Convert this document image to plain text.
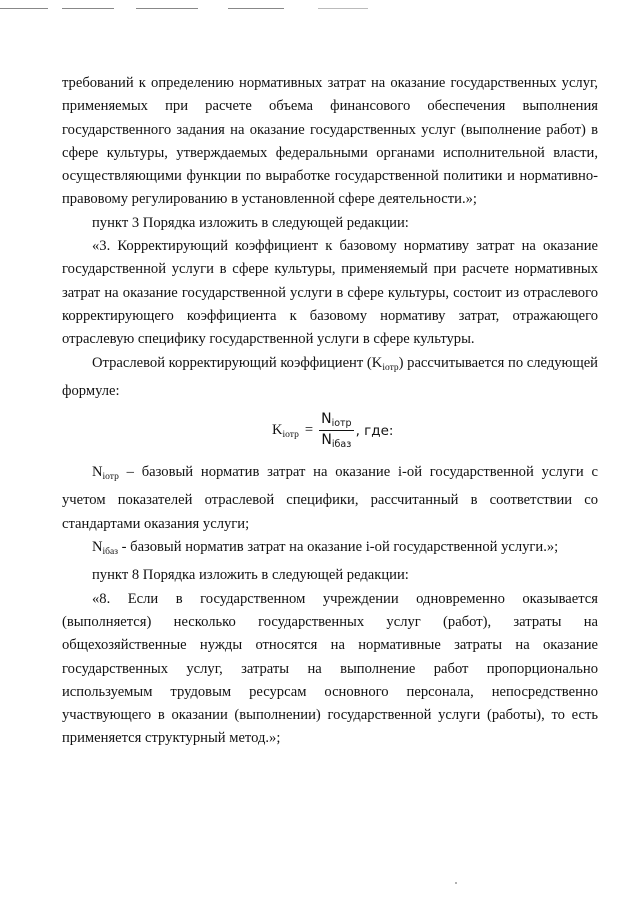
требований к определению нормативных затрат на оказание государственных услуг, применяемых при расчете объема финансового обеспечения выполнения государственного задания на оказание государственных услуг (выполнение работ) в сфере культуры, утверждаемых федеральными органами исполнительной власти, осуществляющими функции по выработке государственной политики и нормативно-правовому регулированию в установленной сфере деятельности.»;

пункт 3 Порядка изложить в следующей редакции:

«3. Корректирующий коэффициент к базовому нормативу затрат на оказание государственной услуги в сфере культуры, применяемый при расчете нормативных затрат на оказание государственной услуги в сфере культуры, состоит из отраслевого корректирующего коэффициента к базовому нормативу затрат, отражающего отраслевую специфику государственной услуги в сфере культуры.

Отраслевой корректирующий коэффициент $(K_{iотр})$ рассчитывается по следующей формуле:

$K_{iотр} = \frac{N_{iотр}}{N_{iбаз}}$ , где:

$N_{iотр}$ – базовый норматив затрат на оказание i-ой государственной услуги с учетом показателей отраслевой специфики, рассчитанный в соответствии со стандартами оказания услуги;

$N_{iбаз}$ - базовый норматив затрат на оказание i-ой государственной услуги.»;

пункт 8 Порядка изложить в следующей редакции:

«8. Если в государственном учреждении одновременно оказывается (выполняется) несколько государственных услуг (работ), затраты на общехозяйственные нужды относятся на нормативные затраты на оказание государственных услуг, затраты на выполнение работ пропорционально используемым трудовым ресурсам основного персонала, непосредственно участвующего в оказании (выполнении) государственной услуги (работы), то есть применяется структурный метод.»;
